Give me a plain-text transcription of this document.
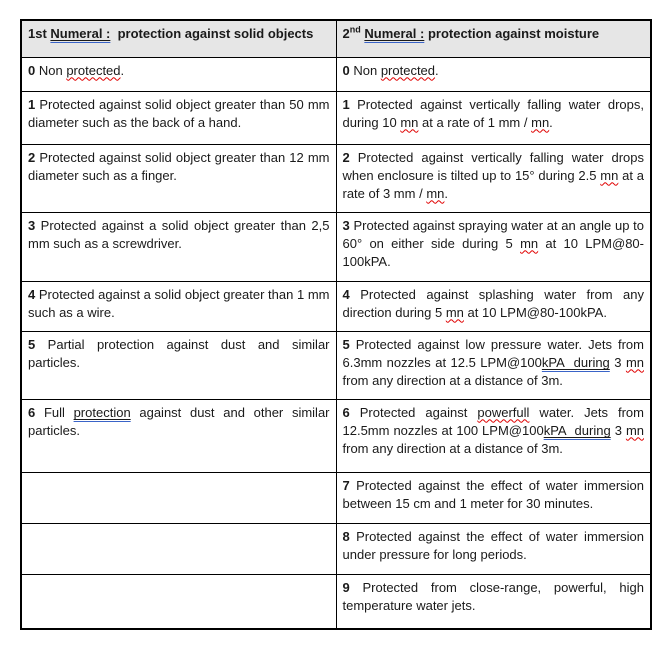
1st Numeral :  protection against solid objects	2nd Numeral : protection against moisture
0 Non protected.	0 Non protected.
1 Protected against solid object greater than 50 mm diameter such as the back of a hand.	1 Protected against vertically falling water drops, during 10 mn at a rate of 1 mm / mn.
2 Protected against solid object greater than 12 mm diameter such as a finger.	2 Protected against vertically falling water drops when enclosure is tilted up to 15° during 2.5 mn at a rate of 3 mm / mn.
3 Protected against a solid object greater than 2,5 mm such as a screwdriver.	3 Protected against spraying water at an angle up to 60° on either side during 5 mn at 10 LPM@80-100kPA.
4 Protected against a solid object greater than 1 mm such as a wire.	4 Protected against splashing water from any direction during 5 mn at 10 LPM@80-100kPA.
5 Partial protection against dust and similar particles.	5 Protected against low pressure water. Jets from 6.3mm nozzles at 12.5 LPM@100kPA  during 3 mn from any direction at a distance of 3m.
6 Full protection against dust and other similar particles.	6 Protected against powerfull water. Jets from 12.5mm nozzles at 100 LPM@100kPA  during 3 mn from any direction at a distance of 3m.
	7 Protected against the effect of water immersion between 15 cm and 1 meter for 30 minutes.
	8 Protected against the effect of water immersion under pressure for long periods.
	9 Protected from close-range, powerful, high temperature water jets.
